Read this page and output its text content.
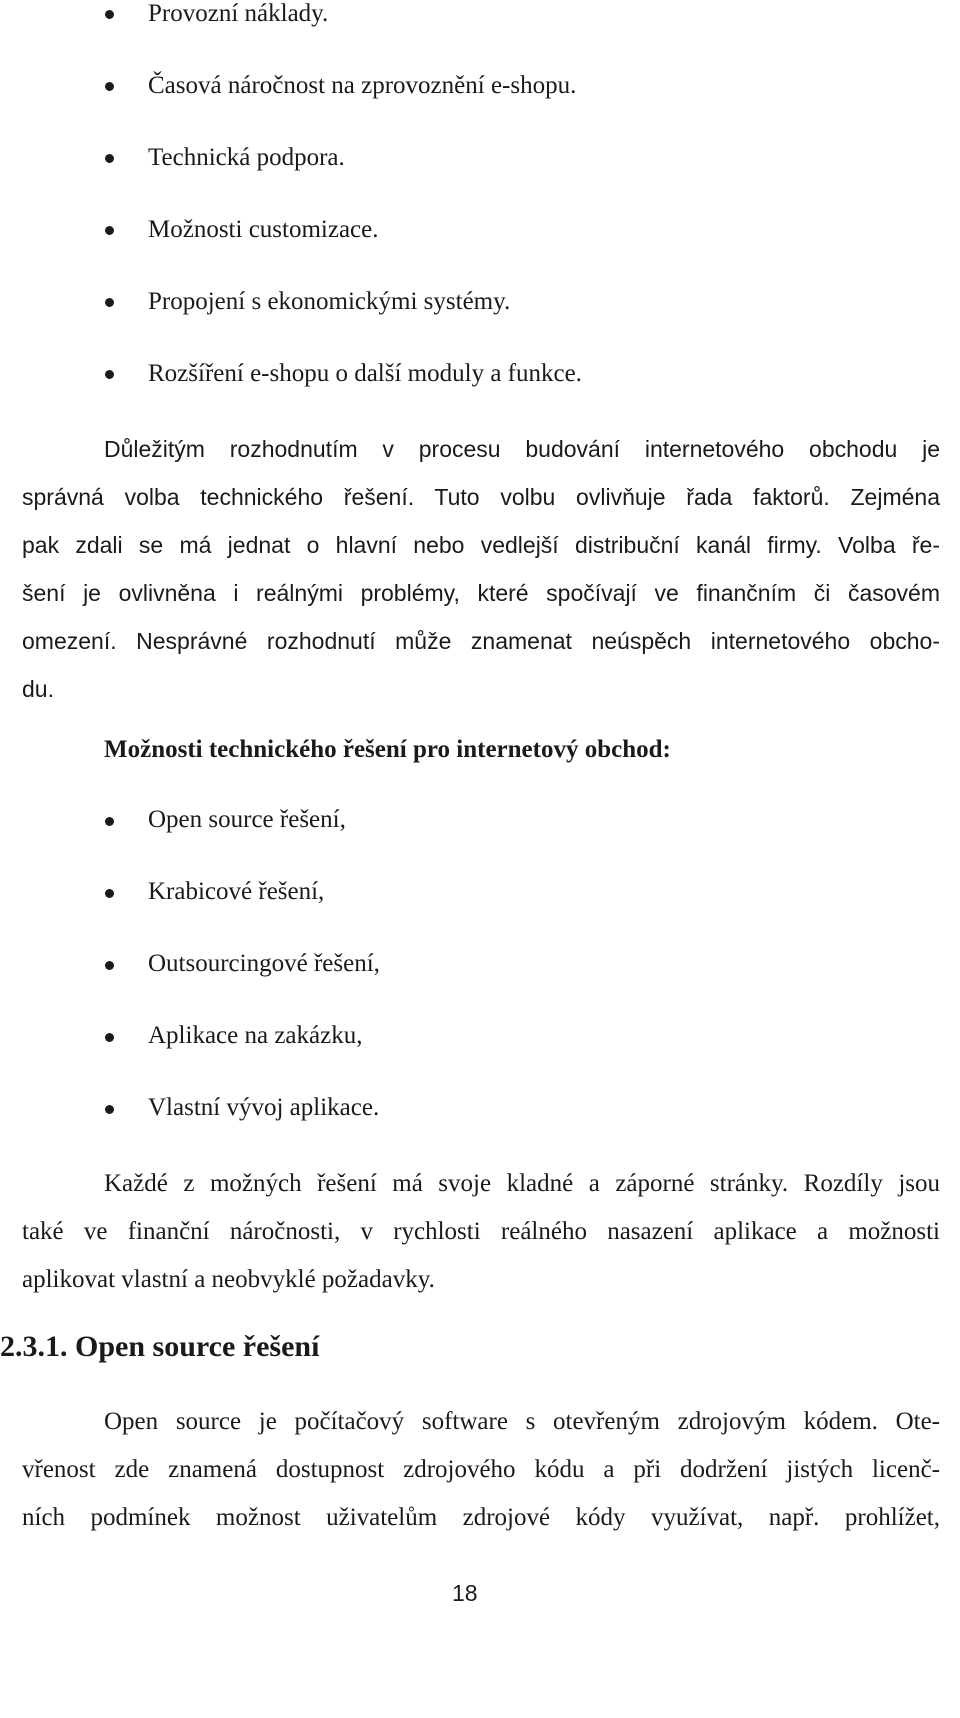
Provozní náklady.
Časová náročnost na zprovoznění e-shopu.
Technická podpora.
Možnosti customizace.
Propojení s ekonomickými systémy.
Rozšíření e-shopu o další moduly a funkce.
Důležitým rozhodnutím v procesu budování internetového obchodu je
správná volba technického řešení. Tuto volbu ovlivňuje řada faktorů. Zejména
pak zdali se má jednat o hlavní nebo vedlejší distribuční kanál firmy. Volba ře-
šení je ovlivněna i reálnými problémy, které spočívají ve finančním či časovém
omezení. Nesprávné rozhodnutí může znamenat neúspěch internetového obcho-
du.
Možnosti technického řešení pro internetový obchod:
Open source řešení,
Krabicové řešení,
Outsourcingové řešení,
Aplikace na zakázku,
Vlastní vývoj aplikace.
Každé z možných řešení má svoje kladné a záporné stránky. Rozdíly jsou
také ve finanční náročnosti, v rychlosti reálného nasazení aplikace a možnosti
aplikovat vlastní a neobvyklé požadavky.
2.3.1. Open source řešení
Open source je počítačový software s otevřeným zdrojovým kódem. Ote-
vřenost zde znamená dostupnost zdrojového kódu a při dodržení jistých licenč-
ních podmínek možnost uživatelům zdrojové kódy využívat, např. prohlížet,
18
